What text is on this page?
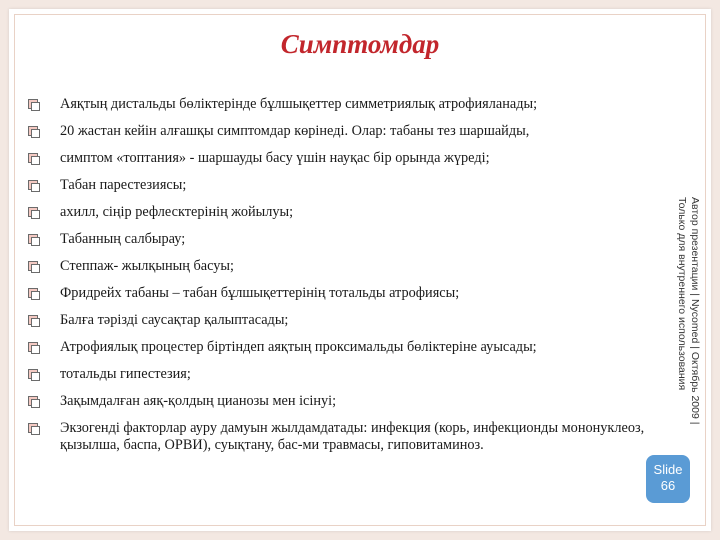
Симптомдар
Аяқтың дистальды бөліктерінде бұлшықеттер симметриялық атрофияланады;
20 жастан кейін алғашқы симптомдар көрінеді. Олар: табаны тез шаршайды,
симптом «топтания» - шаршауды басу үшін науқас бір орында жүреді;
Табан парестезиясы;
ахилл, сіңір рефлесктерінің жойылуы;
Табанның салбырау;
Степпаж- жылқының басуы;
Фридрейх табаны – табан бұлшықеттерінің тотальды атрофиясы;
Балға тәрізді саусақтар қалыптасады;
Атрофиялық процестер біртіндеп аяқтың проксимальды бөліктеріне ауысады;
тотальды гипестезия;
Зақымдалған аяқ-қолдың цианозы мен ісінуі;
Экзогенді факторлар ауру дамуын жылдамдатады: инфекция (корь, инфекционды мононуклеоз, қызылша, баспа, ОРВИ), суықтану, бас-ми травмасы, гиповитаминоз.
Автор презентации | Nycomed | Октябрь 2009 | Только для внутреннего использования
Slide
66
